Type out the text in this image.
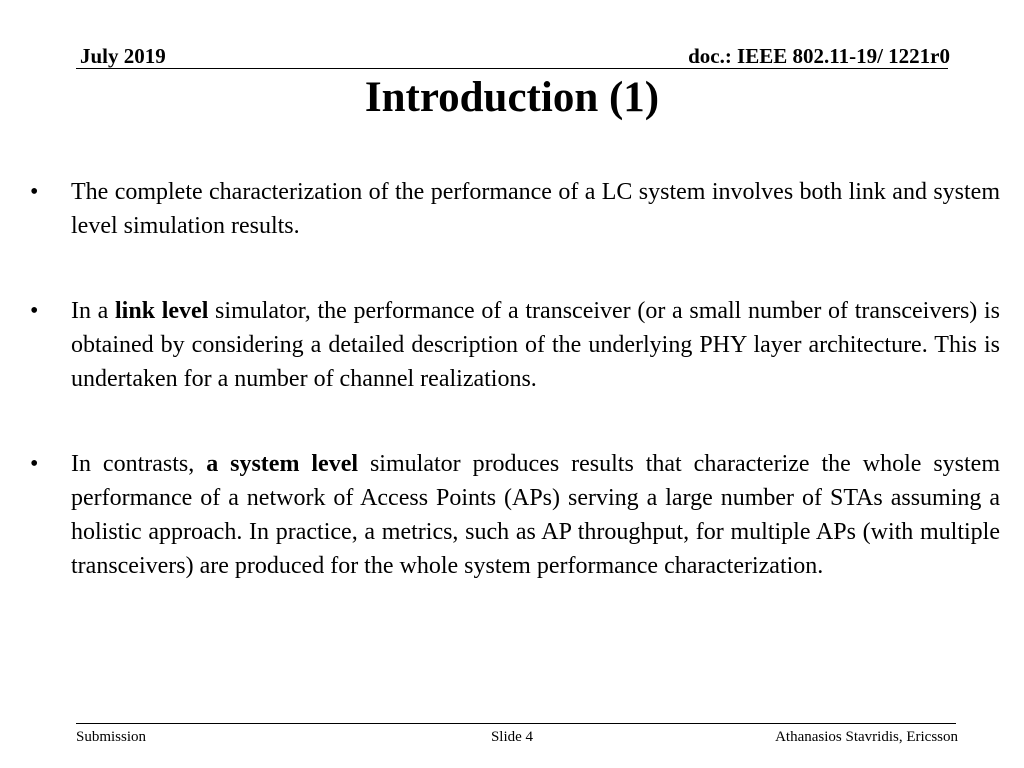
July 2019	doc.: IEEE 802.11-19/ 1221r0
Introduction (1)
• The complete characterization of the performance of a LC system involves both link and system level simulation results.
• In a link level simulator, the performance of a transceiver (or a small number of transceivers) is obtained by considering a detailed description of the underlying PHY layer architecture. This is undertaken for a number of channel realizations.
• In contrasts, a system level simulator produces results that characterize the whole system performance of a network of Access Points (APs) serving a large number of STAs assuming a holistic approach. In practice, a metrics, such as AP throughput, for multiple APs (with multiple transceivers) are produced for the whole system performance characterization.
Submission	Slide 4	Athanasios Stavridis, Ericsson
